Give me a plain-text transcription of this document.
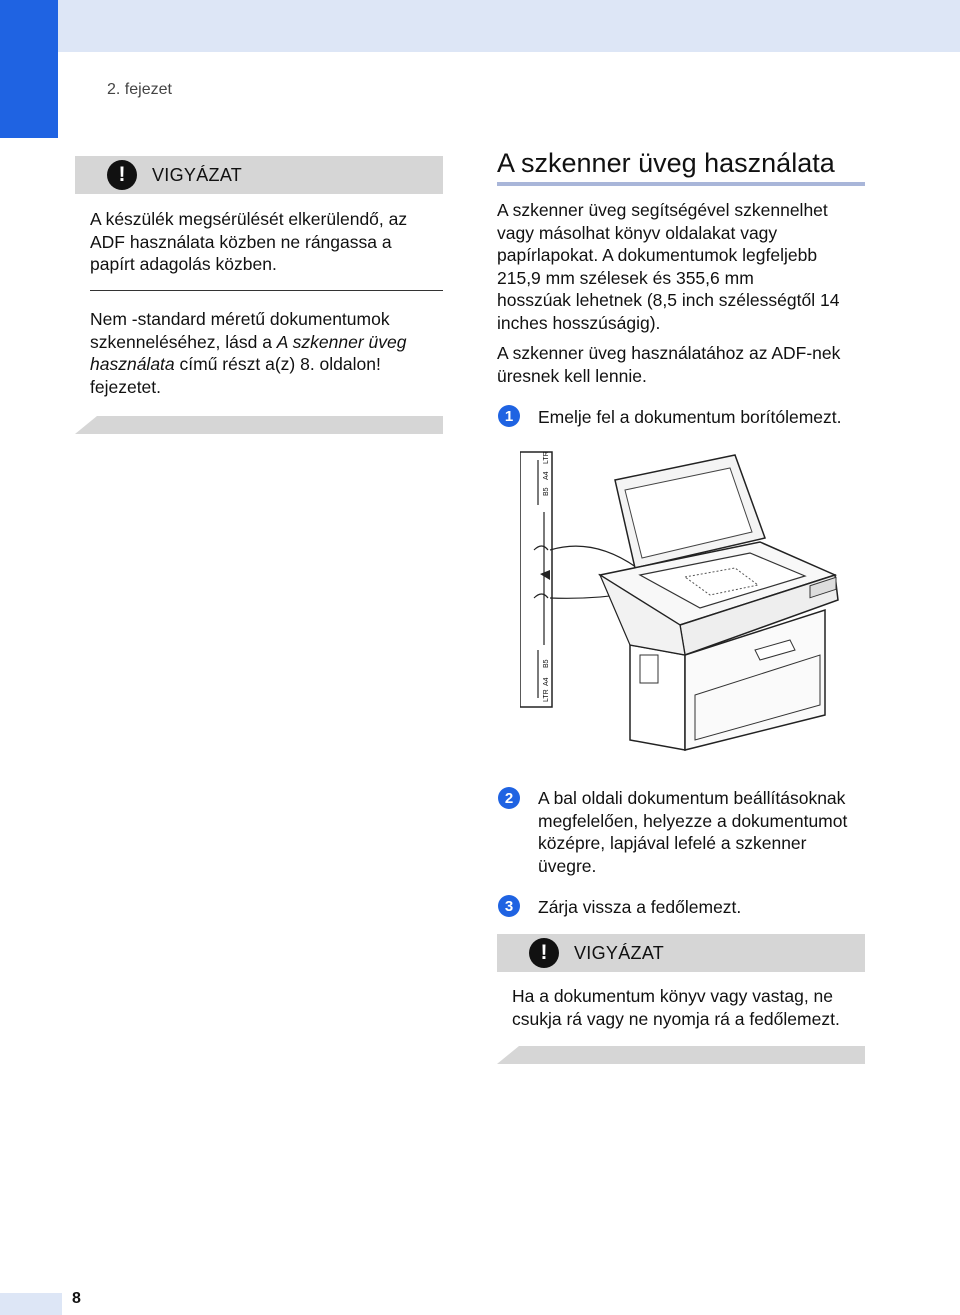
2. fejezet
!	VIGYÁZAT
A készülék megsérülését elkerülendő, az
ADF használata közben ne rángassa a
papírt adagolás közben.
Nem -standard méretű dokumentumok
szkenneléséhez, lásd a A szkenner üveg
használata című részt a(z) 8. oldalon!
fejezetet.
A szkenner üveg használata
A szkenner üveg segítségével szkennelhet
vagy másolhat könyv oldalakat vagy
papírlapokat. A dokumentumok legfeljebb
215,9 mm szélesek és 355,6 mm
hosszúak lehetnek (8,5 inch szélességtől 14
inches hosszúságig).
A szkenner üveg használatához az ADF-nek
üresnek kell lennie.
1	Emelje fel a dokumentum borítólemezt.
B5
A4
LTR
B5
A4
LTR
2	A bal oldali dokumentum beállításoknak
megfelelően, helyezze a dokumentumot
középre, lapjával lefelé a szkenner
üvegre.
3	Zárja vissza a fedőlemezt.
!	VIGYÁZAT
Ha a dokumentum könyv vagy vastag, ne
csukja rá vagy ne nyomja rá a fedőlemezt.
8
